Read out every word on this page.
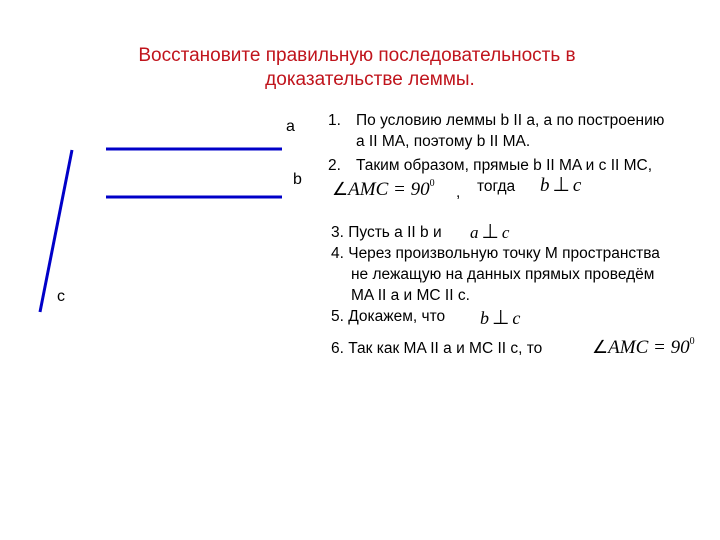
Восстановите правильную последовательность в
доказательстве леммы.
a
b
c
1. По условию леммы b II a, а по построению
a II MA, поэтому b II MA.
2. Таким образом, прямые b II MA и c II MC,
∠AMC = $90^0$
, тогда b ⊥ c
3. Пусть a II b и a ⊥ c
4. Через произвольную точку М пространства
не лежащую на данных прямых проведём
MA II a и MC II c.
5. Докажем, что b ⊥ c
6. Так как MA II a и MC II c, то	∠AMC = $90^0$
